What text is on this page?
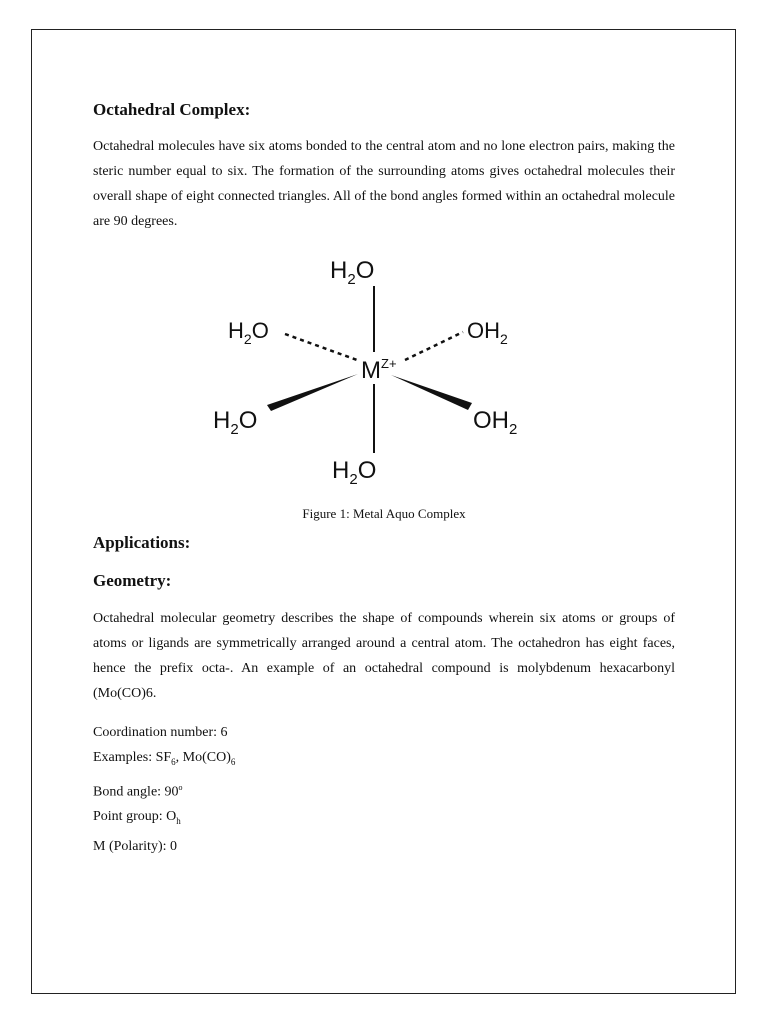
Octahedral Complex:

Octahedral molecules have six atoms bonded to the central atom and no lone electron pairs, making the steric number equal to six. The formation of the surrounding atoms gives octahedral molecules their overall shape of eight connected triangles. All of the bond angles formed within an octahedral molecule are 90 degrees.

Applications:
Geometry:

Octahedral molecular geometry describes the shape of compounds wherein six atoms or groups of atoms or ligands are symmetrically arranged around a central atom. The octahedron has eight faces, hence the prefix octa-. An example of an octahedral compound is molybdenum hexacarbonyl (Mo(CO)6.

Figure 1: Metal Aquo Complex
Coordination number: 6
Examples: $SF_6$, $Mo(CO)_6$
Bond angle: 90$^o$
Point group: $O_h$
Μ (Polarity): 0
$H_2O$
$H_2O$
$H_2O$	$OH_2$
$H_2O$	$OH_2$
$M^{Z+}$
